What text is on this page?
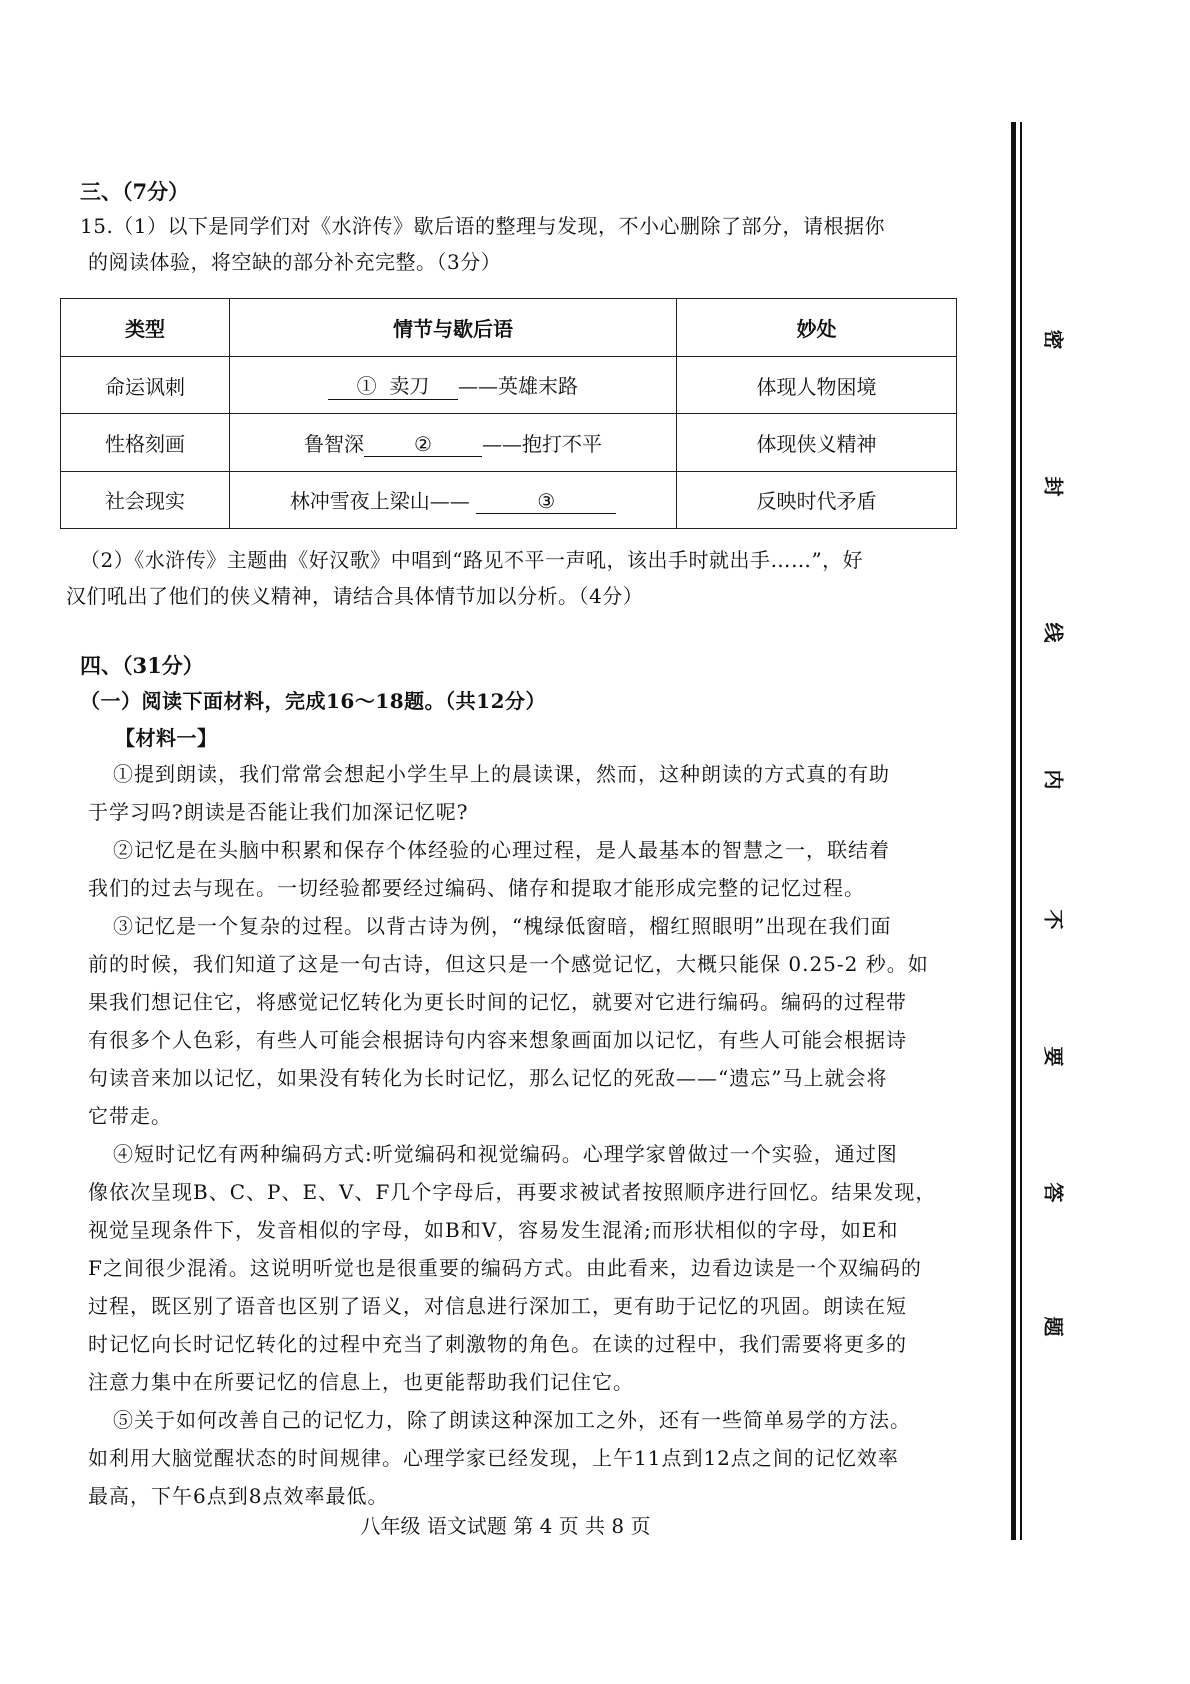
三、（7分）
15.（1）以下是同学们对《水浒传》歇后语的整理与发现，不小心删除了部分，请根据你
的阅读体验，将空缺的部分补充完整。（3分）
类型	情节与歇后语	妙处
命运讽刺	① 卖刀 ——英雄末路	体现人物困境
性格刻画	鲁智深 ② ——抱打不平	体现侠义精神
社会现实	林冲雪夜上梁山—— ③	反映时代矛盾
（2）《水浒传》主题曲《好汉歌》中唱到“路见不平一声吼，该出手时就出手……”，好
汉们吼出了他们的侠义精神，请结合具体情节加以分析。（4分）
四、（31分）
（一）阅读下面材料，完成16～18题。（共12分）
【材料一】
①提到朗读，我们常常会想起小学生早上的晨读课，然而，这种朗读的方式真的有助
于学习吗?朗读是否能让我们加深记忆呢?
②记忆是在头脑中积累和保存个体经验的心理过程，是人最基本的智慧之一，联结着
我们的过去与现在。一切经验都要经过编码、储存和提取才能形成完整的记忆过程。
③记忆是一个复杂的过程。以背古诗为例，“槐绿低窗暗，榴红照眼明”出现在我们面
前的时候，我们知道了这是一句古诗，但这只是一个感觉记忆，大概只能保 0.25-2 秒。如
果我们想记住它，将感觉记忆转化为更长时间的记忆，就要对它进行编码。编码的过程带
有很多个人色彩，有些人可能会根据诗句内容来想象画面加以记忆，有些人可能会根据诗
句读音来加以记忆，如果没有转化为长时记忆，那么记忆的死敌——“遗忘”马上就会将
它带走。
④短时记忆有两种编码方式:听觉编码和视觉编码。心理学家曾做过一个实验，通过图
像依次呈现B、C、P、E、V、F几个字母后，再要求被试者按照顺序进行回忆。结果发现，
视觉呈现条件下，发音相似的字母，如B和V，容易发生混淆;而形状相似的字母，如E和
F之间很少混淆。这说明听觉也是很重要的编码方式。由此看来，边看边读是一个双编码的
过程，既区别了语音也区别了语义，对信息进行深加工，更有助于记忆的巩固。朗读在短
时记忆向长时记忆转化的过程中充当了刺激物的角色。在读的过程中，我们需要将更多的
注意力集中在所要记忆的信息上，也更能帮助我们记住它。
⑤关于如何改善自己的记忆力，除了朗读这种深加工之外，还有一些简单易学的方法。
如利用大脑觉醒状态的时间规律。心理学家已经发现，上午11点到12点之间的记忆效率
最高，下午6点到8点效率最低。
八年级 语文试题 第 4 页 共 8 页
密
封
线
内
不
要
答
题
